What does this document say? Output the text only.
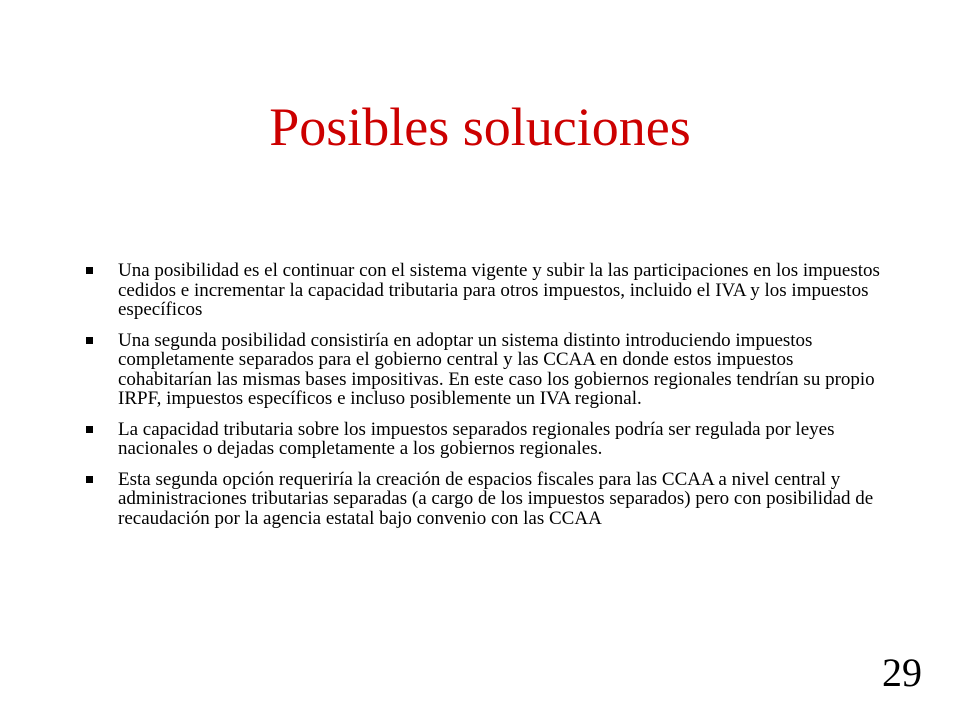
Posibles soluciones
Una posibilidad es el continuar con el sistema vigente y subir la las participaciones en los impuestos cedidos e incrementar la capacidad tributaria para otros impuestos, incluido el IVA y los impuestos específicos
Una segunda posibilidad consistiría en adoptar un sistema distinto introduciendo impuestos completamente separados para el gobierno central y las CCAA en donde estos impuestos cohabitarían las mismas bases impositivas. En este caso los gobiernos regionales tendrían su propio IRPF, impuestos específicos e incluso posiblemente un IVA regional.
La capacidad tributaria sobre los impuestos separados regionales podría ser regulada por leyes nacionales o dejadas completamente a los gobiernos regionales.
Esta segunda opción requeriría la creación de espacios fiscales para las CCAA a nivel central y administraciones tributarias separadas (a cargo de los impuestos separados) pero con posibilidad de recaudación por la agencia estatal bajo convenio con las CCAA
29
